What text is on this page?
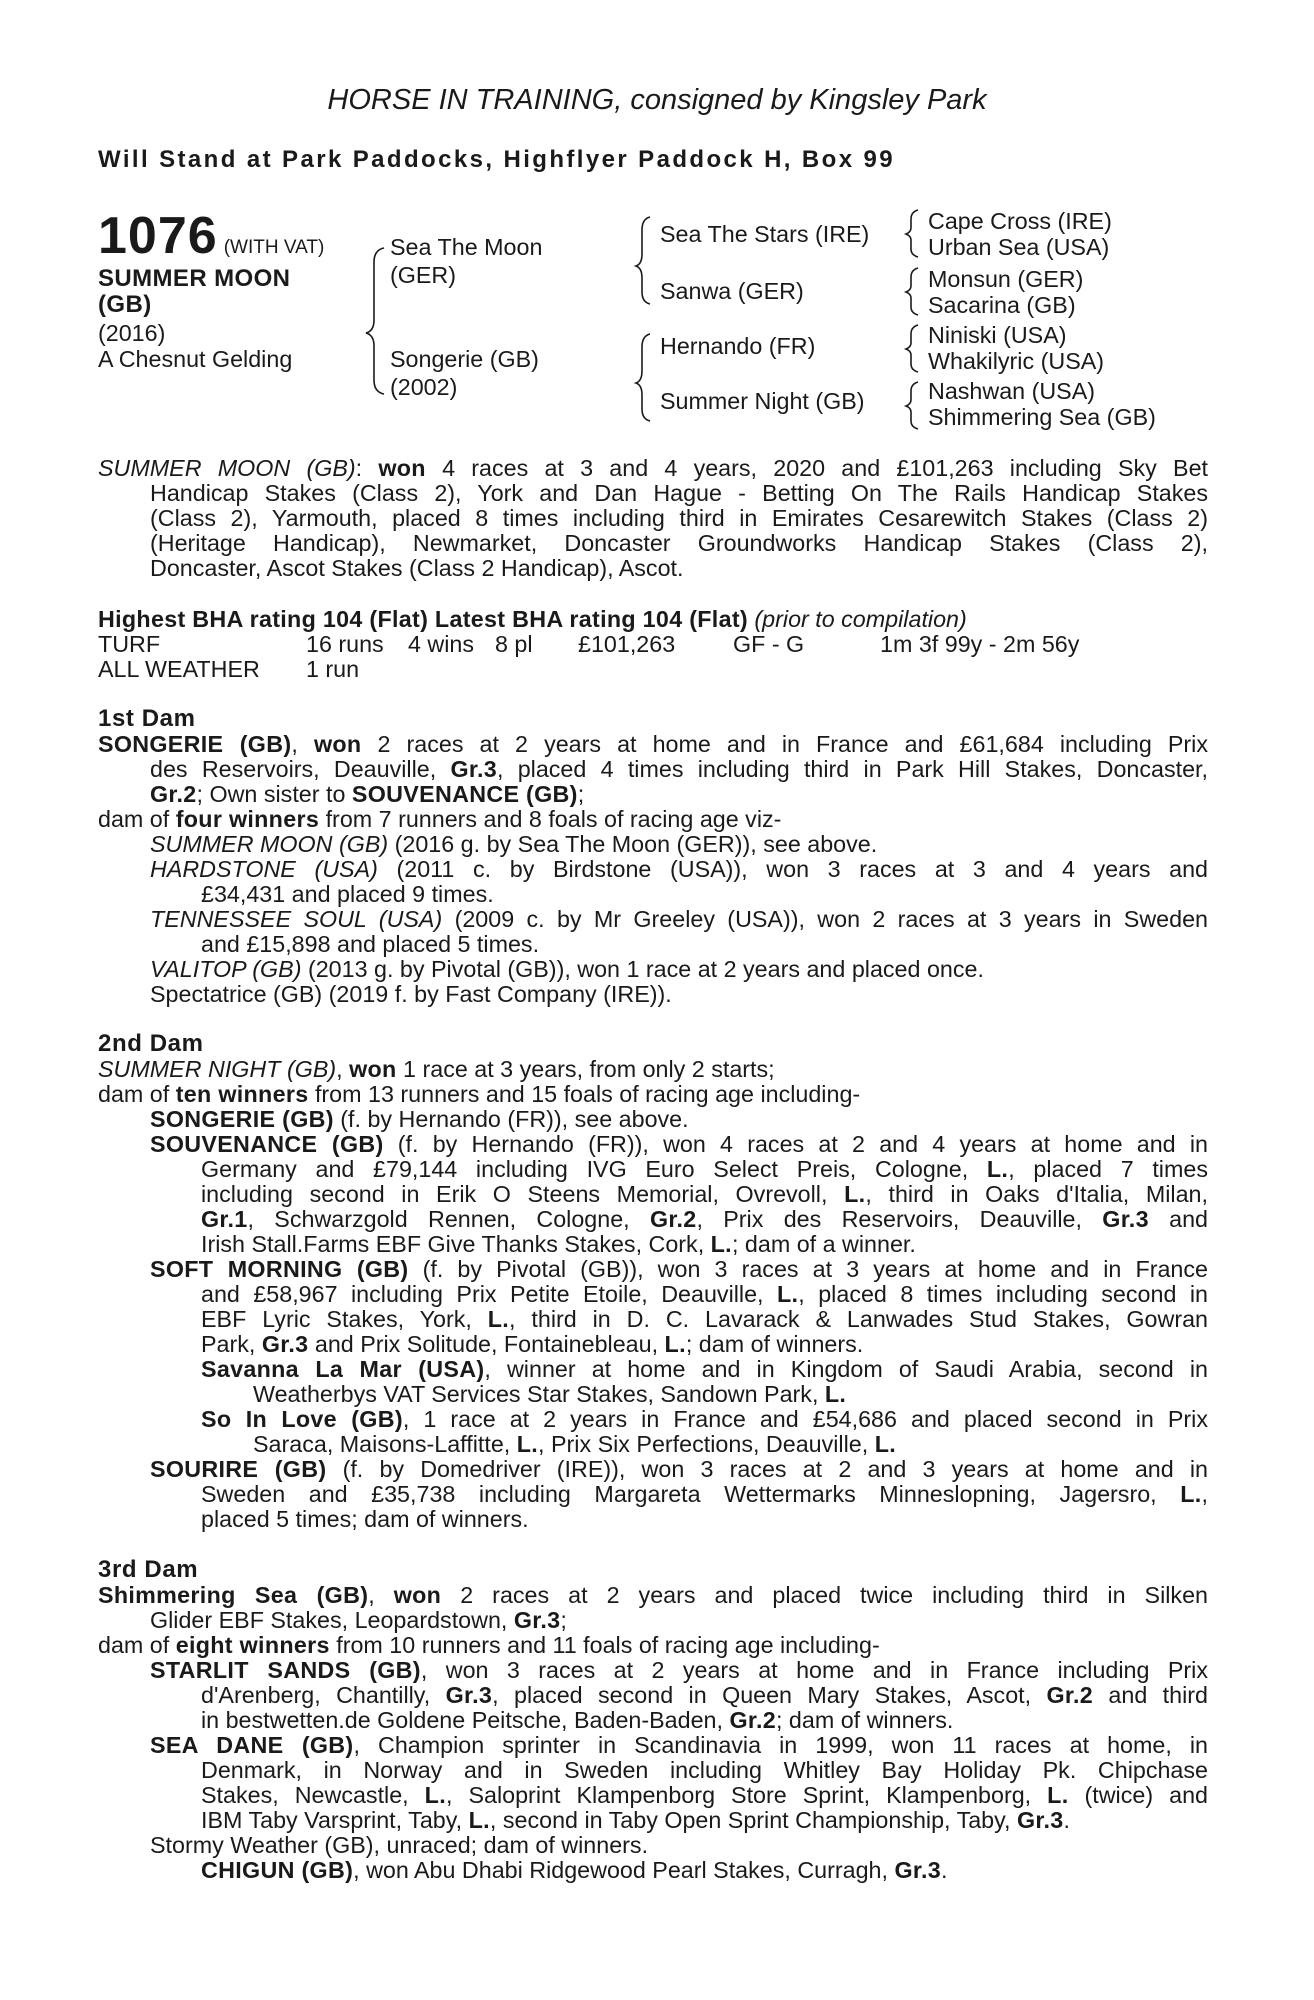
HORSE IN TRAINING, consigned by Kingsley Park
Will Stand at Park Paddocks, Highflyer Paddock H, Box 99
1076 (WITH VAT)
SUMMER MOON
(GB)
(2016)
A Chesnut Gelding
Sea The Moon
(GER)
Songerie (GB)
(2002)
Sea The Stars (IRE)
Sanwa (GER)
Hernando (FR)
Summer Night (GB)
Cape Cross (IRE)
Urban Sea (USA)
Monsun (GER)
Sacarina (GB)
Niniski (USA)
Whakilyric (USA)
Nashwan (USA)
Shimmering Sea (GB)
SUMMER MOON (GB): won 4 races at 3 and 4 years, 2020 and £101,263 including Sky Bet
Handicap Stakes (Class 2), York and Dan Hague - Betting On The Rails Handicap Stakes
(Class 2), Yarmouth, placed 8 times including third in Emirates Cesarewitch Stakes (Class 2)
(Heritage Handicap), Newmarket, Doncaster Groundworks Handicap Stakes (Class 2),
Doncaster, Ascot Stakes (Class 2 Handicap), Ascot.
Highest BHA rating 104 (Flat) Latest BHA rating 104 (Flat) (prior to compilation)
TURF	16 runs 4 wins 8 pl £101,263 GF - G	1m 3f 99y - 2m 56y
ALL WEATHER 1 run
1st Dam
SONGERIE (GB), won 2 races at 2 years at home and in France and £61,684 including Prix
des Reservoirs, Deauville, Gr.3, placed 4 times including third in Park Hill Stakes, Doncaster,
Gr.2; Own sister to SOUVENANCE (GB);
dam of four winners from 7 runners and 8 foals of racing age viz-
SUMMER MOON (GB) (2016 g. by Sea The Moon (GER)), see above.
HARDSTONE (USA) (2011 c. by Birdstone (USA)), won 3 races at 3 and 4 years and
£34,431 and placed 9 times.
TENNESSEE SOUL (USA) (2009 c. by Mr Greeley (USA)), won 2 races at 3 years in Sweden
and £15,898 and placed 5 times.
VALITOP (GB) (2013 g. by Pivotal (GB)), won 1 race at 2 years and placed once.
Spectatrice (GB) (2019 f. by Fast Company (IRE)).
2nd Dam
SUMMER NIGHT (GB), won 1 race at 3 years, from only 2 starts;
dam of ten winners from 13 runners and 15 foals of racing age including-
SONGERIE (GB) (f. by Hernando (FR)), see above.
SOUVENANCE (GB) (f. by Hernando (FR)), won 4 races at 2 and 4 years at home and in
Germany and £79,144 including IVG Euro Select Preis, Cologne, L., placed 7 times
including second in Erik O Steens Memorial, Ovrevoll, L., third in Oaks d'Italia, Milan,
Gr.1, Schwarzgold Rennen, Cologne, Gr.2, Prix des Reservoirs, Deauville, Gr.3 and
Irish Stall.Farms EBF Give Thanks Stakes, Cork, L.; dam of a winner.
SOFT MORNING (GB) (f. by Pivotal (GB)), won 3 races at 3 years at home and in France
and £58,967 including Prix Petite Etoile, Deauville, L., placed 8 times including second in
EBF Lyric Stakes, York, L., third in D. C. Lavarack & Lanwades Stud Stakes, Gowran
Park, Gr.3 and Prix Solitude, Fontainebleau, L.; dam of winners.
Savanna La Mar (USA), winner at home and in Kingdom of Saudi Arabia, second in
Weatherbys VAT Services Star Stakes, Sandown Park, L.
So In Love (GB), 1 race at 2 years in France and £54,686 and placed second in Prix
Saraca, Maisons-Laffitte, L., Prix Six Perfections, Deauville, L.
SOURIRE (GB) (f. by Domedriver (IRE)), won 3 races at 2 and 3 years at home and in
Sweden and £35,738 including Margareta Wettermarks Minneslopning, Jagersro, L.,
placed 5 times; dam of winners.
3rd Dam
Shimmering Sea (GB), won 2 races at 2 years and placed twice including third in Silken
Glider EBF Stakes, Leopardstown, Gr.3;
dam of eight winners from 10 runners and 11 foals of racing age including-
STARLIT SANDS (GB), won 3 races at 2 years at home and in France including Prix
d'Arenberg, Chantilly, Gr.3, placed second in Queen Mary Stakes, Ascot, Gr.2 and third
in bestwetten.de Goldene Peitsche, Baden-Baden, Gr.2; dam of winners.
SEA DANE (GB), Champion sprinter in Scandinavia in 1999, won 11 races at home, in
Denmark, in Norway and in Sweden including Whitley Bay Holiday Pk. Chipchase
Stakes, Newcastle, L., Saloprint Klampenborg Store Sprint, Klampenborg, L. (twice) and
IBM Taby Varsprint, Taby, L., second in Taby Open Sprint Championship, Taby, Gr.3.
Stormy Weather (GB), unraced; dam of winners.
CHIGUN (GB), won Abu Dhabi Ridgewood Pearl Stakes, Curragh, Gr.3.
